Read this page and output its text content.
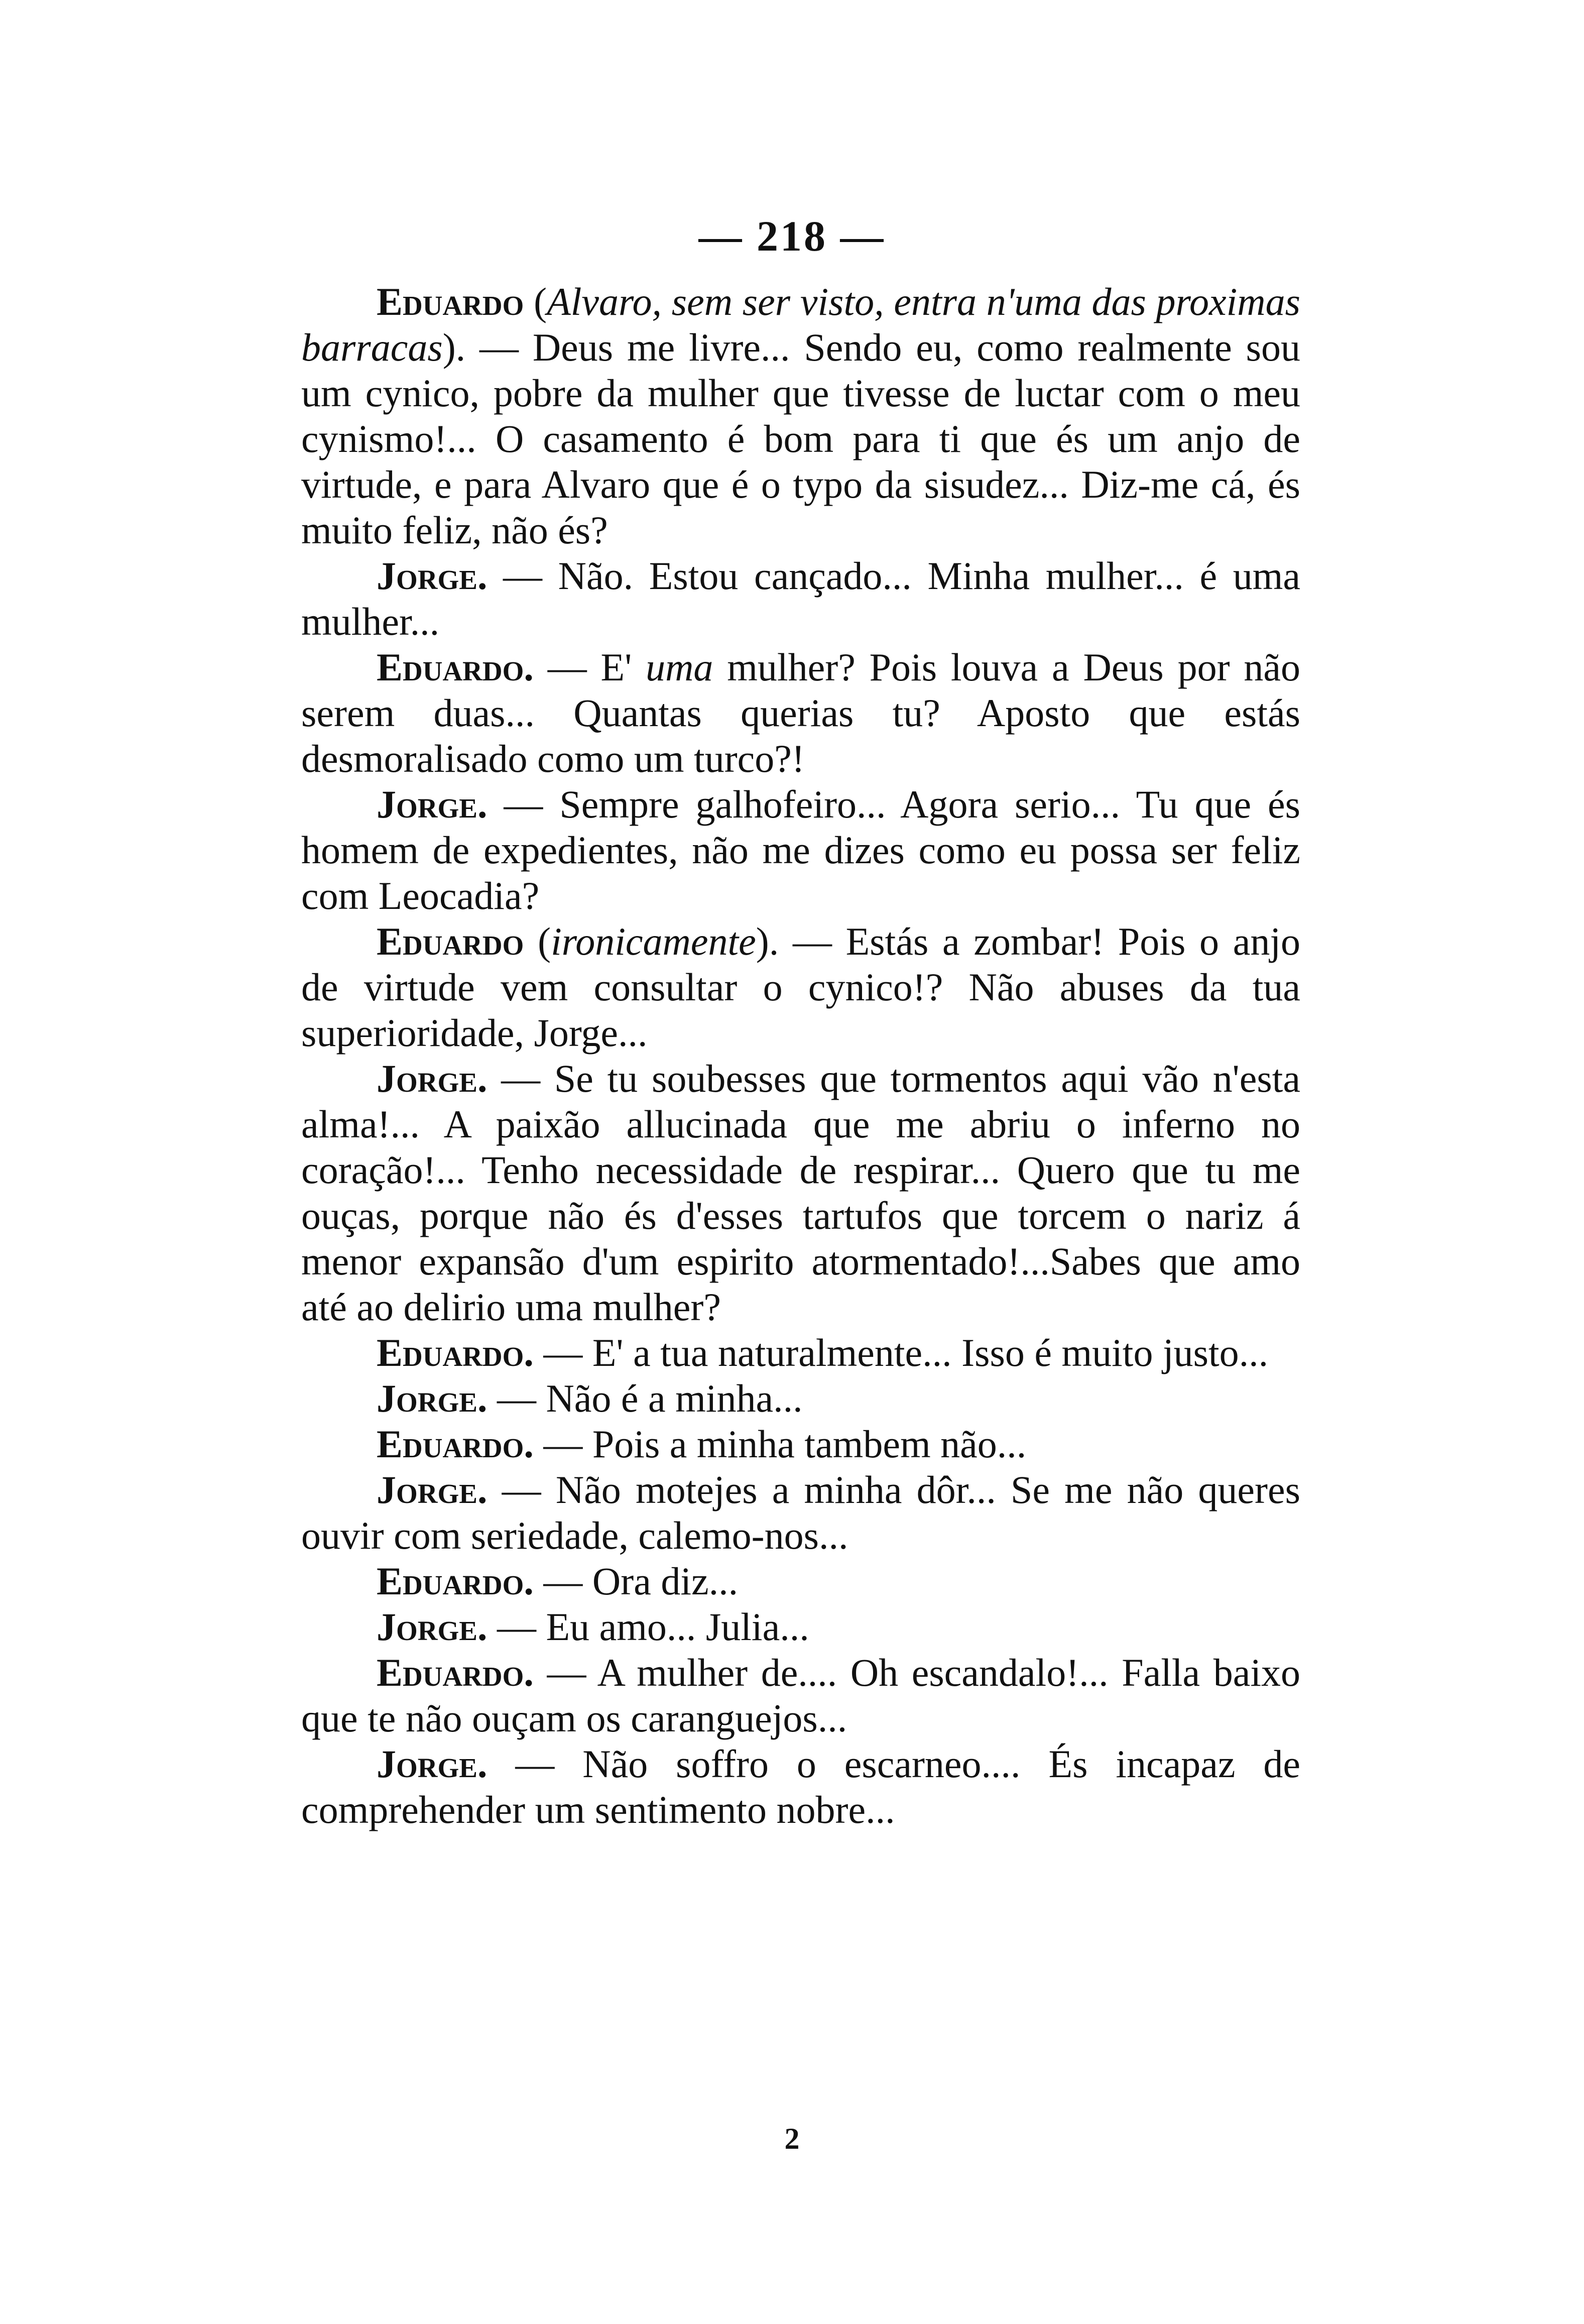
— 218 —

Eduardo (Alvaro, sem ser visto, entra n'uma das proximas barracas). — Deus me livre... Sendo eu, como realmente sou um cynico, pobre da mulher que tivesse de luctar com o meu cynismo!... O casamento é bom para ti que és um anjo de virtude, e para Alvaro que é o typo da sisudez... Diz-me cá, és muito feliz, não és?

Jorge. — Não. Estou cançado... Minha mulher... é uma mulher...

Eduardo. — E' uma mulher? Pois louva a Deus por não serem duas... Quantas querias tu? Aposto que estás desmoralisado como um turco?!

Jorge. — Sempre galhofeiro... Agora serio... Tu que és homem de expedientes, não me dizes como eu possa ser feliz com Leocadia?

Eduardo (ironicamente). — Estás a zombar! Pois o anjo de virtude vem consultar o cynico!? Não abuses da tua superioridade, Jorge...

Jorge. — Se tu soubesses que tormentos aqui vão n'esta alma!... A paixão allucinada que me abriu o inferno no coração!... Tenho necessidade de respirar... Quero que tu me ouças, porque não és d'esses tartufos que torcem o nariz á menor expansão d'um espirito atormentado!...Sabes que amo até ao delirio uma mulher?

Eduardo. — E' a tua naturalmente... Isso é muito justo...

Jorge. — Não é a minha...

Eduardo. — Pois a minha tambem não...

Jorge. — Não motejes a minha dôr... Se me não queres ouvir com seriedade, calemo-nos...

Eduardo. — Ora diz...

Jorge. — Eu amo... Julia...

Eduardo. — A mulher de.... Oh escandalo!... Falla baixo que te não ouçam os caranguejos...

Jorge. — Não soffro o escarneo.... És incapaz de comprehender um sentimento nobre...

2
